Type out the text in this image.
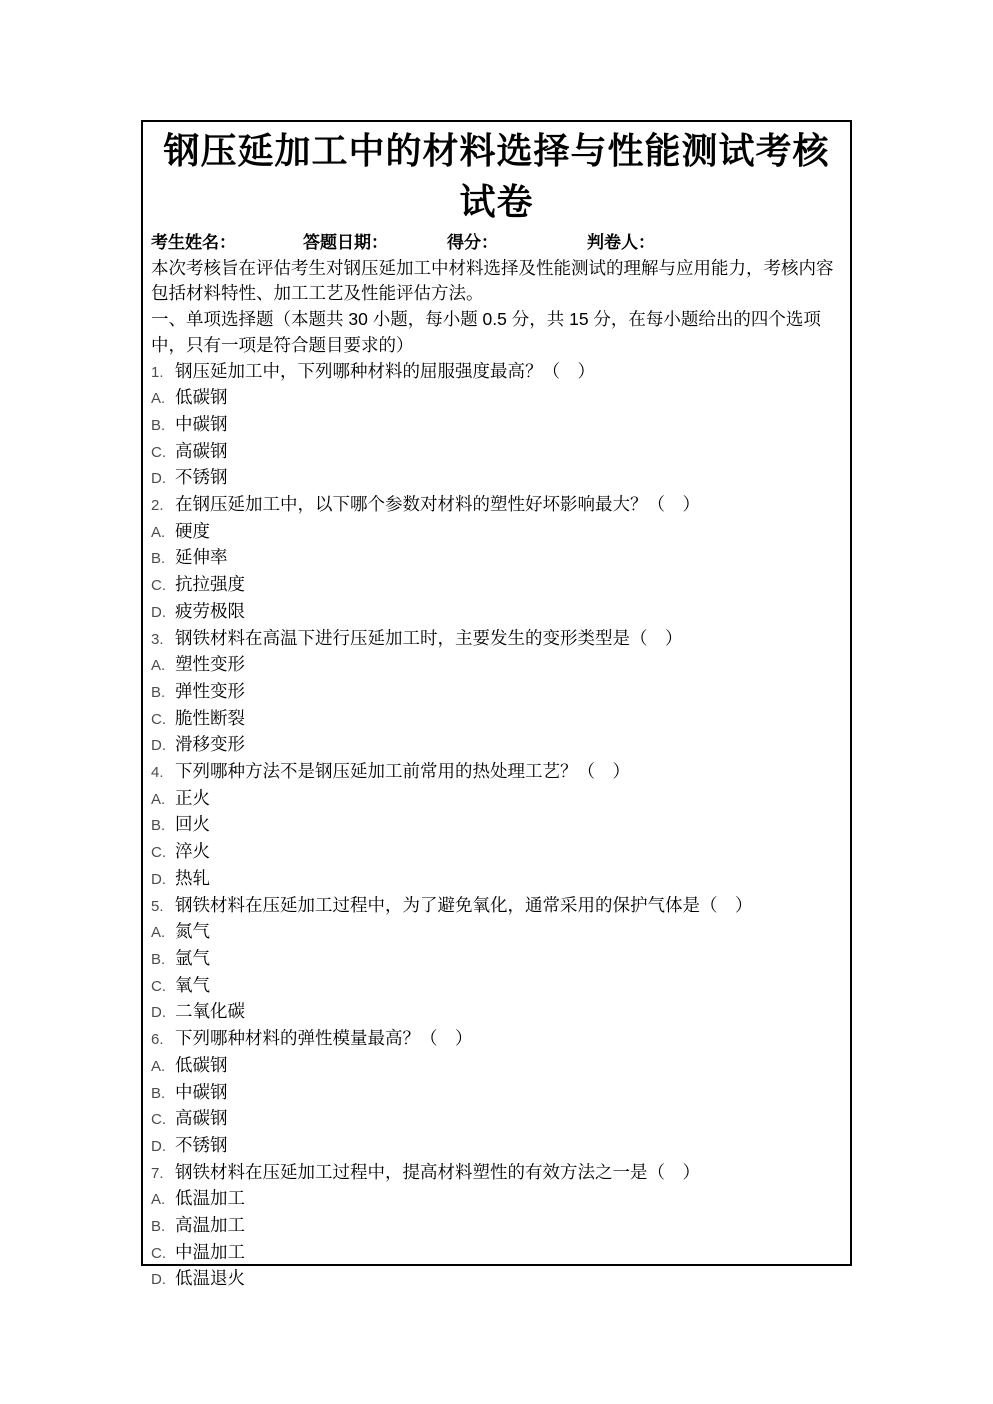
钢压延加工中的材料选择与性能测试考核
试卷
考生姓名：	答题日期：	得分：	判卷人：

本次考核旨在评估考生对钢压延加工中材料选择及性能测试的理解与应用能力，考核内容包括材料特性、加工工艺及性能评估方法。

一、单项选择题（本题共 30 小题，每小题 0.5 分，共 15 分，在每小题给出的四个选项中，只有一项是符合题目要求的）

1. 钢压延加工中，下列哪种材料的屈服强度最高？（　）
A. 低碳钢
B. 中碳钢
C. 高碳钢
D. 不锈钢
2. 在钢压延加工中，以下哪个参数对材料的塑性好坏影响最大？（　）
A. 硬度
B. 延伸率
C. 抗拉强度
D. 疲劳极限
3. 钢铁材料在高温下进行压延加工时，主要发生的变形类型是（　）
A. 塑性变形
B. 弹性变形
C. 脆性断裂
D. 滑移变形
4. 下列哪种方法不是钢压延加工前常用的热处理工艺？（　）
A. 正火
B. 回火
C. 淬火
D. 热轧
5. 钢铁材料在压延加工过程中，为了避免氧化，通常采用的保护气体是（　）
A. 氮气
B. 氩气
C. 氧气
D. 二氧化碳
6. 下列哪种材料的弹性模量最高？（　）
A. 低碳钢
B. 中碳钢
C. 高碳钢
D. 不锈钢
7. 钢铁材料在压延加工过程中，提高材料塑性的有效方法之一是（　）
A. 低温加工
B. 高温加工
C. 中温加工
D. 低温退火
